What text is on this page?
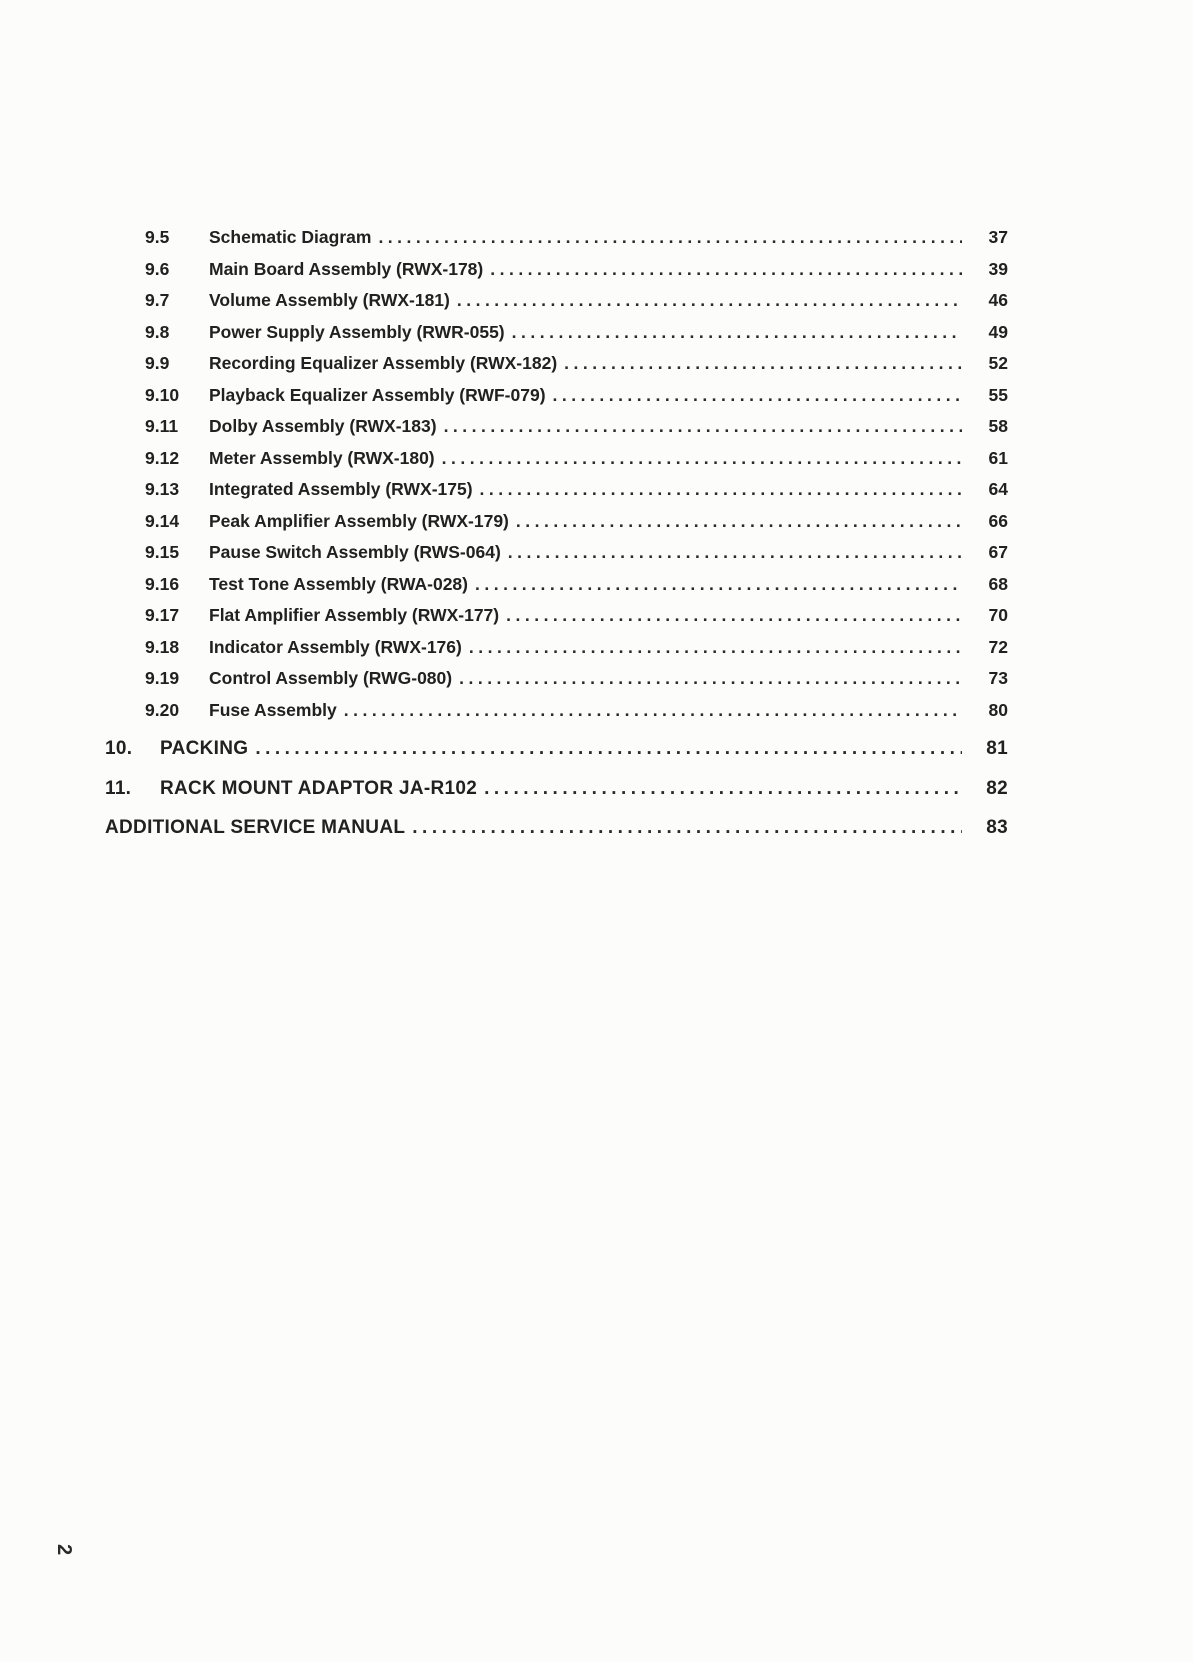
9.5	Schematic Diagram .....	37
9.6	Main Board Assembly (RWX-178) .....	39
9.7	Volume Assembly (RWX-181) .....	46
9.8	Power Supply Assembly (RWR-055) .....	49
9.9	Recording Equalizer Assembly (RWX-182) .....	52
9.10	Playback Equalizer Assembly (RWF-079) .....	55
9.11	Dolby Assembly (RWX-183) .....	58
9.12	Meter Assembly (RWX-180) .....	61
9.13	Integrated Assembly (RWX-175) .....	64
9.14	Peak Amplifier Assembly (RWX-179) .....	66
9.15	Pause Switch Assembly (RWS-064) .....	67
9.16	Test Tone Assembly (RWA-028) .....	68
9.17	Flat Amplifier Assembly (RWX-177) .....	70
9.18	Indicator Assembly (RWX-176) .....	72
9.19	Control Assembly (RWG-080) .....	73
9.20	Fuse Assembly .....	80
10.	PACKING .....	81
11.	RACK MOUNT ADAPTOR JA-R102 .....	82
ADDITIONAL SERVICE MANUAL .....	83
2
